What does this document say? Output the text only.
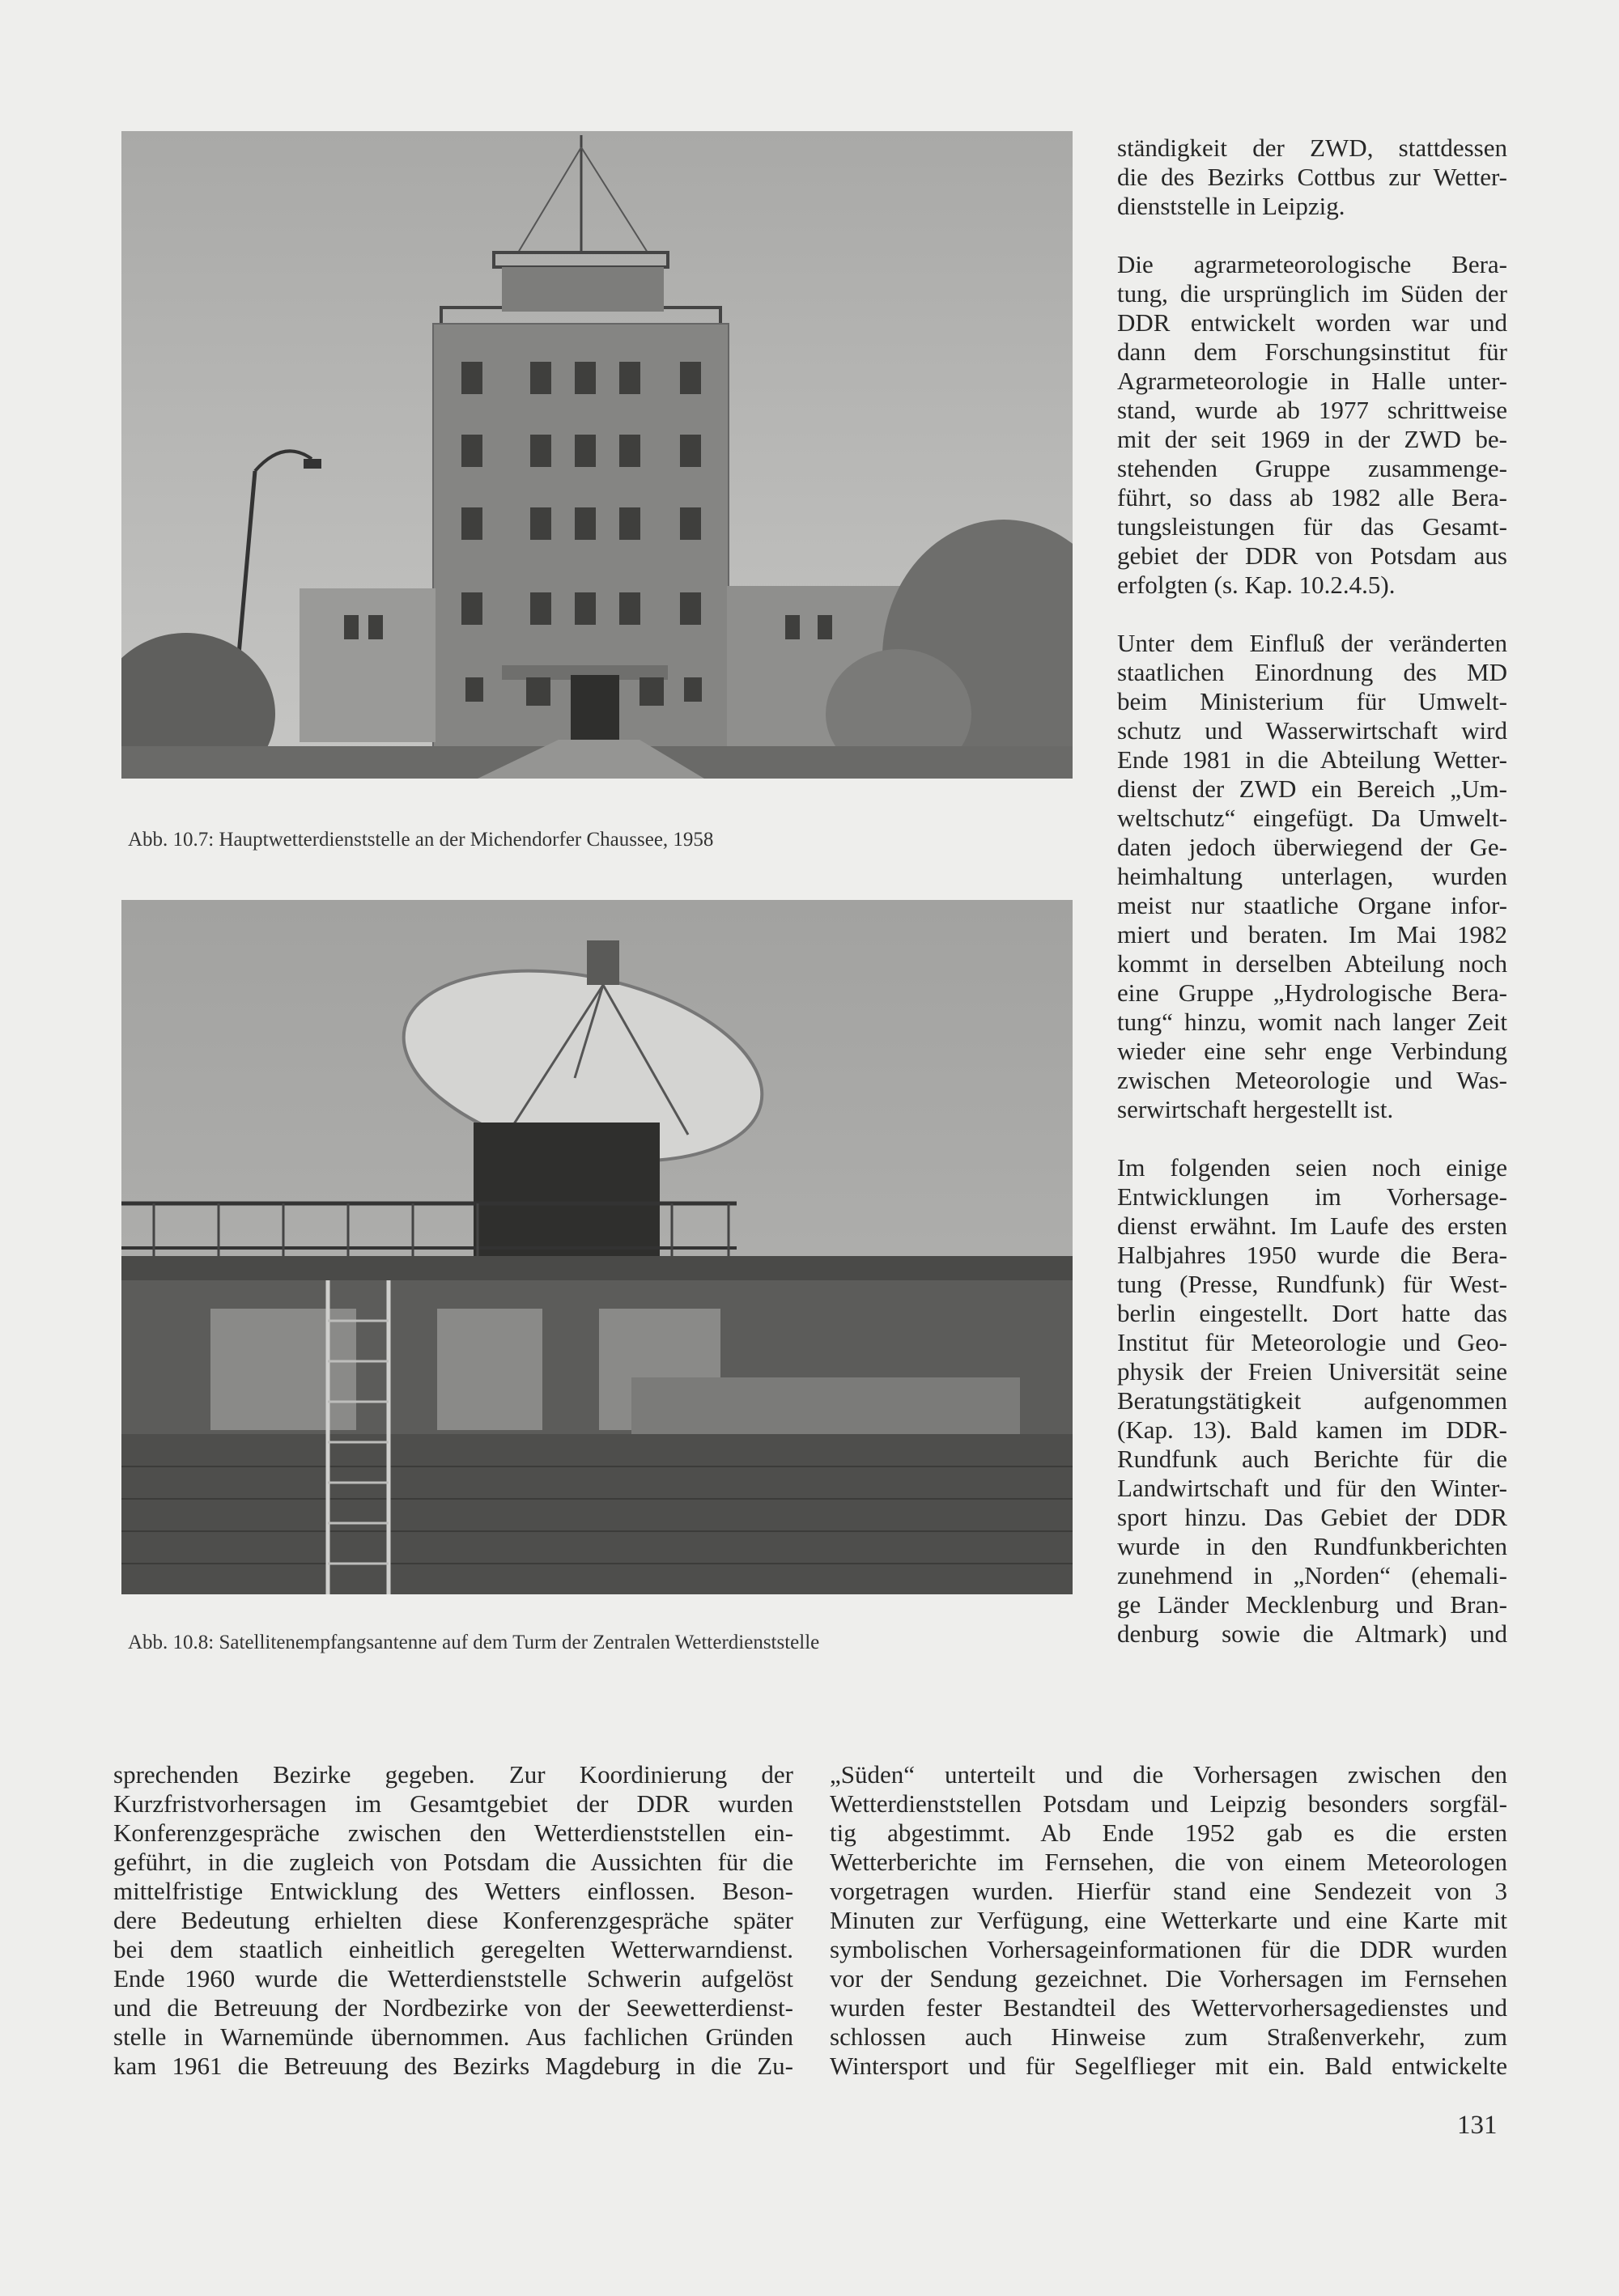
Abb. 10.7: Hauptwetterdienststelle an der Michendorfer Chaussee, 1958
Abb. 10.8: Satellitenempfangsantenne auf dem Turm der Zentralen Wetterdienststelle

ständigkeit der ZWD, stattdessen
die des Bezirks Cottbus zur Wetter-
dienststelle in Leipzig.

Die agrarmeteorologische Bera-
tung, die ursprünglich im Süden der
DDR entwickelt worden war und
dann dem Forschungsinstitut für
Agrarmeteorologie in Halle unter-
stand, wurde ab 1977 schrittweise
mit der seit 1969 in der ZWD be-
stehenden Gruppe zusammenge-
führt, so dass ab 1982 alle Bera-
tungsleistungen für das Gesamt-
gebiet der DDR von Potsdam aus
erfolgten (s. Kap. 10.2.4.5).

Unter dem Einfluß der veränderten
staatlichen Einordnung des MD
beim Ministerium für Umwelt-
schutz und Wasserwirtschaft wird
Ende 1981 in die Abteilung Wetter-
dienst der ZWD ein Bereich „Um-
weltschutz“ eingefügt. Da Umwelt-
daten jedoch überwiegend der Ge-
heimhaltung unterlagen, wurden
meist nur staatliche Organe infor-
miert und beraten. Im Mai 1982
kommt in derselben Abteilung noch
eine Gruppe „Hydrologische Bera-
tung“ hinzu, womit nach langer Zeit
wieder eine sehr enge Verbindung
zwischen Meteorologie und Was-
serwirtschaft hergestellt ist.

Im folgenden seien noch einige
Entwicklungen im Vorhersage-
dienst erwähnt. Im Laufe des ersten
Halbjahres 1950 wurde die Bera-
tung (Presse, Rundfunk) für West-
berlin eingestellt. Dort hatte das
Institut für Meteorologie und Geo-
physik der Freien Universität seine
Beratungstätigkeit aufgenommen
(Kap. 13). Bald kamen im DDR-
Rundfunk auch Berichte für die
Landwirtschaft und für den Winter-
sport hinzu. Das Gebiet der DDR
wurde in den Rundfunkberichten
zunehmend in „Norden“ (ehemali-
ge Länder Mecklenburg und Bran-
denburg sowie die Altmark) und

sprechenden Bezirke gegeben. Zur Koordinierung der
Kurzfristvorhersagen im Gesamtgebiet der DDR wurden
Konferenzgespräche zwischen den Wetterdienststellen ein-
geführt, in die zugleich von Potsdam die Aussichten für die
mittelfristige Entwicklung des Wetters einflossen. Beson-
dere Bedeutung erhielten diese Konferenzgespräche später
bei dem staatlich einheitlich geregelten Wetterwarndienst.
Ende 1960 wurde die Wetterdienststelle Schwerin aufgelöst
und die Betreuung der Nordbezirke von der Seewetterdienst-
stelle in Warnemünde übernommen. Aus fachlichen Gründen
kam 1961 die Betreuung des Bezirks Magdeburg in die Zu-
„Süden“ unterteilt und die Vorhersagen zwischen den
Wetterdienststellen Potsdam und Leipzig besonders sorgfäl-
tig abgestimmt. Ab Ende 1952 gab es die ersten
Wetterberichte im Fernsehen, die von einem Meteorologen
vorgetragen wurden. Hierfür stand eine Sendezeit von 3
Minuten zur Verfügung, eine Wetterkarte und eine Karte mit
symbolischen Vorhersageinformationen für die DDR wurden
vor der Sendung gezeichnet. Die Vorhersagen im Fernsehen
wurden fester Bestandteil des Wettervorhersagedienstes und
schlossen auch Hinweise zum Straßenverkehr, zum
Wintersport und für Segelflieger mit ein. Bald entwickelte
131
